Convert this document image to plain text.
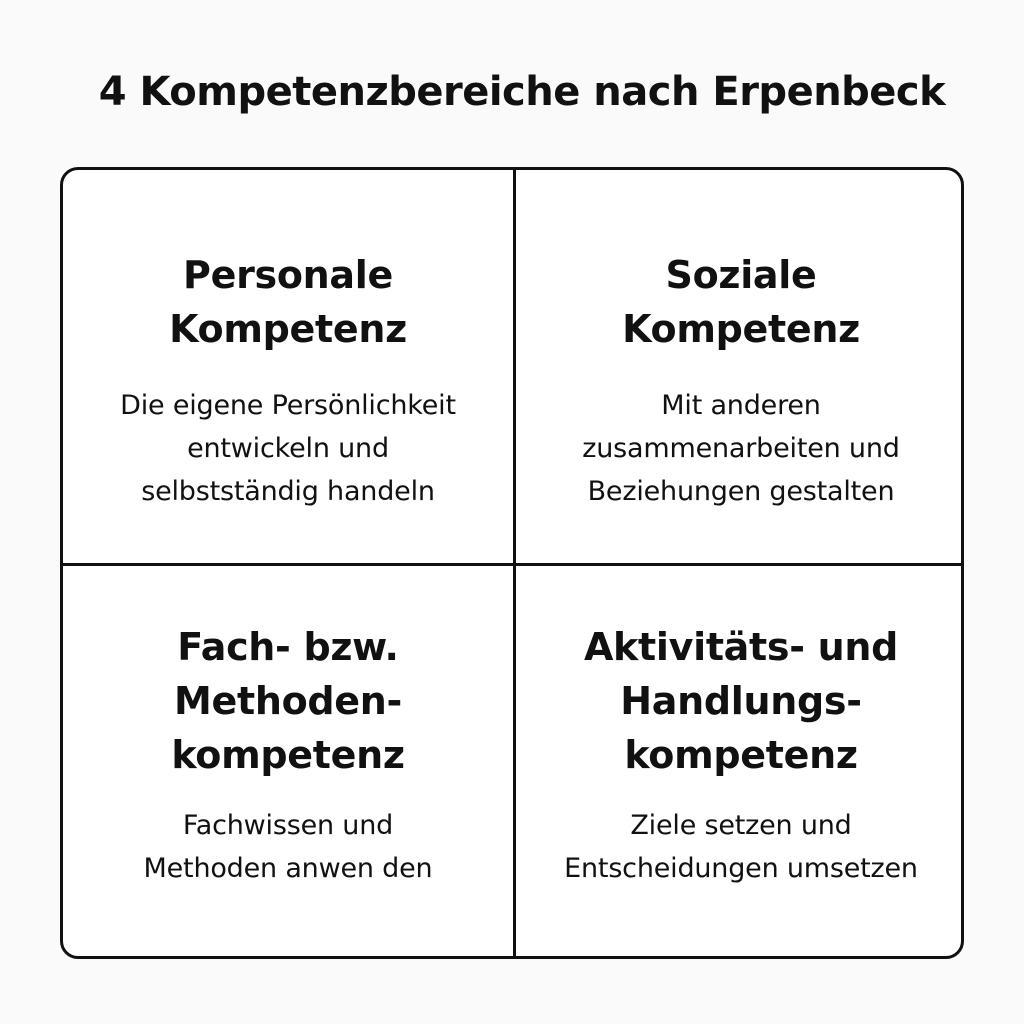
4 Kompetenzbereiche nach Erpenbeck
Personale
Kompetenz

Die eigene Persönlichkeit
entwickeln und
selbstständig handeln

Soziale
Kompetenz

Mit anderen
zusammenarbeiten und
Beziehungen gestalten

Fach- bzw.
Methoden-
kompetenz

Fachwissen und
Methoden anwen den

Aktivitäts- und
Handlungs-
kompetenz

Ziele setzen und
Entscheidungen umsetzen
